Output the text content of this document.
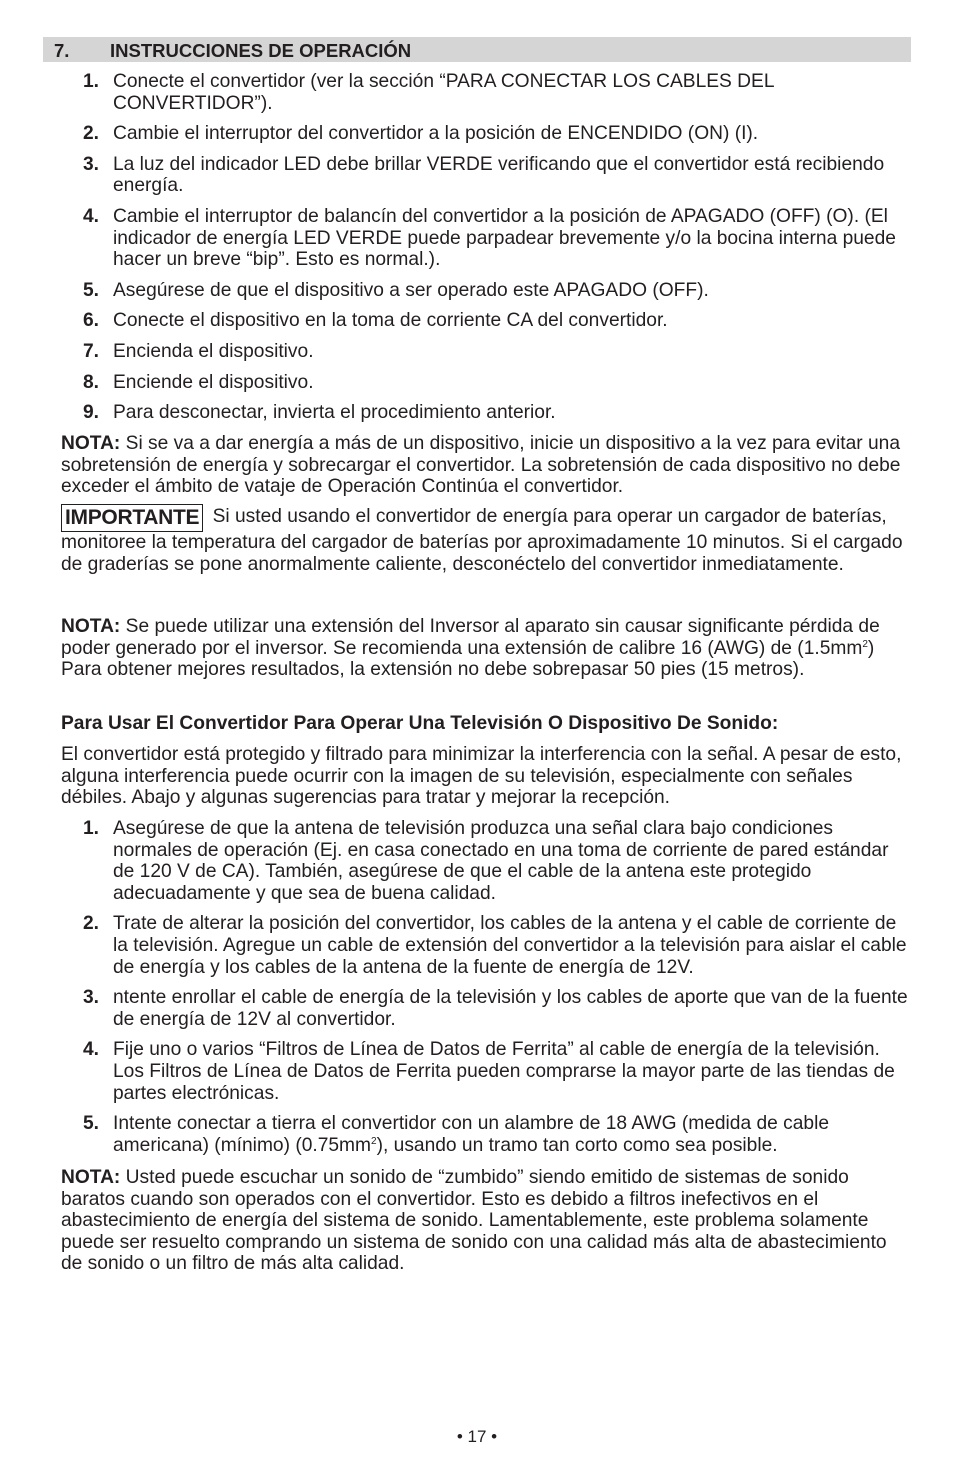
7. INSTRUCCIONES DE OPERACIÓN
1. Conecte el convertidor (ver la sección “PARA CONECTAR LOS CABLES DEL CONVERTIDOR”).
2. Cambie el interruptor del convertidor a la posición de ENCENDIDO (ON) (I).
3. La luz del indicador LED debe brillar VERDE verificando que el convertidor está recibiendo energía.
4. Cambie el interruptor de balancín del convertidor a la posición de APAGADO (OFF) (O). (El indicador de energía LED VERDE puede parpadear brevemente y/o la bocina interna puede hacer un breve “bip”. Esto es normal.).
5. Asegúrese de que el dispositivo a ser operado este APAGADO (OFF).
6. Conecte el dispositivo en la toma de corriente CA del convertidor.
7. Encienda el dispositivo.
8. Enciende el dispositivo.
9. Para desconectar, invierta el procedimiento anterior.

NOTA: Si se va a dar energía a más de un dispositivo, inicie un dispositivo a la vez para evitar una sobretensión de energía y sobrecargar el convertidor. La sobretensión de cada dispositivo no debe exceder el ámbito de vataje de Operación Continúa el convertidor.

IMPORTANTE Si usted usando el convertidor de energía para operar un cargador de baterías, monitoree la temperatura del cargador de baterías por aproximadamente 10 minutos. Si el cargado de graderías se pone anormalmente caliente, desconéctelo del convertidor inmediatamente.

NOTA: Se puede utilizar una extensión del Inversor al aparato sin causar significante pérdida de poder generado por el inversor. Se recomienda una extensión de calibre 16 (AWG) de $(1.5mm^2)$ Para obtener mejores resultados, la extensión no debe sobrepasar 50 pies (15 metros).

Para Usar El Convertidor Para Operar Una Televisión O Dispositivo De Sonido:

El convertidor está protegido y filtrado para minimizar la interferencia con la señal. A pesar de esto, alguna interferencia puede ocurrir con la imagen de su televisión, especialmente con señales débiles. Abajo y algunas sugerencias para tratar y mejorar la recepción.

1. Asegúrese de que la antena de televisión produzca una señal clara bajo condiciones normales de operación (Ej. en casa conectado en una toma de corriente de pared estándar de 120 V de CA). También, asegúrese de que el cable de la antena este protegido adecuadamente y que sea de buena calidad.
2. Trate de alterar la posición del convertidor, los cables de la antena y el cable de corriente de la televisión. Agregue un cable de extensión del convertidor a la televisión para aislar el cable de energía y los cables de la antena de la fuente de energía de 12V.
3. ntente enrollar el cable de energía de la televisión y los cables de aporte que van de la fuente de energía de 12V al convertidor.
4. Fije uno o varios “Filtros de Línea de Datos de Ferrita” al cable de energía de la televisión. Los Filtros de Línea de Datos de Ferrita pueden comprarse la mayor parte de las tiendas de partes electrónicas.
5. Intente conectar a tierra el convertidor con un alambre de 18 AWG (medida de cable americana) (mínimo) $(0.75mm^2)$, usando un tramo tan corto como sea posible.

NOTA: Usted puede escuchar un sonido de “zumbido” siendo emitido de sistemas de sonido baratos cuando son operados con el convertidor. Esto es debido a filtros inefectivos en el abastecimiento de energía del sistema de sonido. Lamentablemente, este problema solamente puede ser resuelto comprando un sistema de sonido con una calidad más alta de abastecimiento de sonido o un filtro de más alta calidad.

• 17 •
